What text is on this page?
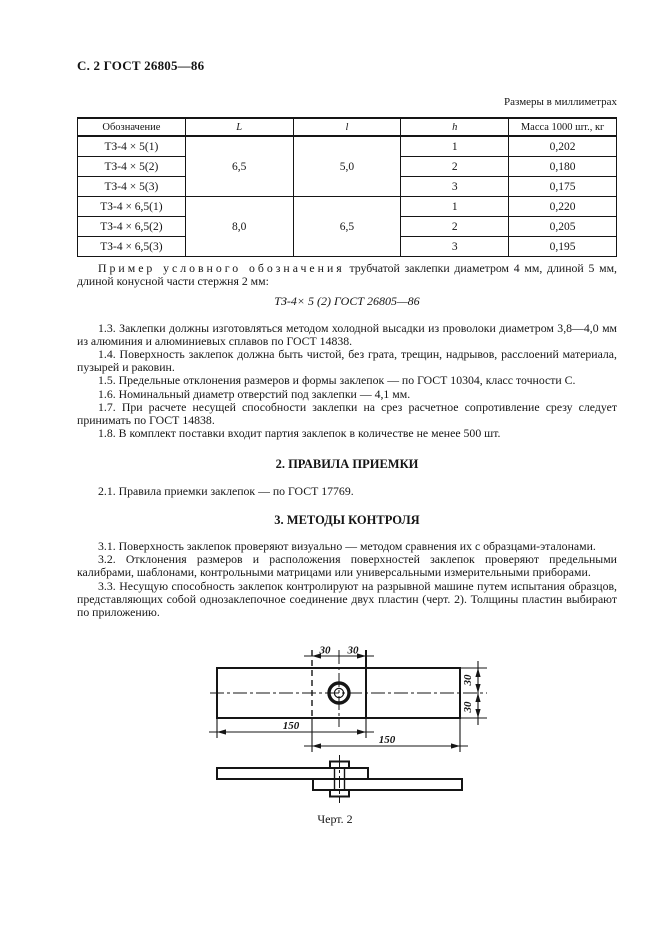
С. 2 ГОСТ 26805—86
Размеры в миллиметрах
Обозначение	L	l	h	Масса 1000 шт., кг
ТЗ-4 × 5(1)	6,5	5,0	1	0,202
ТЗ-4 × 5(2)			2	0,180
ТЗ-4 × 5(3)			3	0,175
ТЗ-4 × 6,5(1)	8,0	6,5	1	0,220
ТЗ-4 × 6,5(2)			2	0,205
ТЗ-4 × 6,5(3)			3	0,195

Пример условного обозначения трубчатой заклепки диаметром 4 мм, длиной 5 мм, длиной конусной части стержня 2 мм:

ТЗ-4× 5 (2) ГОСТ 26805—86

1.3. Заклепки должны изготовляться методом холодной высадки из проволоки диаметром 3,8—4,0 мм из алюминия и алюминиевых сплавов по ГОСТ 14838.

1.4. Поверхность заклепок должна быть чистой, без грата, трещин, надрывов, расслоений материала, пузырей и раковин.

1.5. Предельные отклонения размеров и формы заклепок — по ГОСТ 10304, класс точности С.

1.6. Номинальный диаметр отверстий под заклепки — 4,1 мм.

1.7. При расчете несущей способности заклепки на срез расчетное сопротивление срезу следует принимать по ГОСТ 14838.

1.8. В комплект поставки входит партия заклепок в количестве не менее 500 шт.

2. ПРАВИЛА ПРИЕМКИ

2.1. Правила приемки заклепок — по ГОСТ 17769.

3. МЕТОДЫ КОНТРОЛЯ

3.1. Поверхность заклепок проверяют визуально — методом сравнения их с образцами-эталонами.

3.2. Отклонения размеров и расположения поверхностей заклепок проверяют предельными калибрами, шаблонами, контрольными матрицами или универсальными измерительными приборами.

3.3. Несущую способность заклепок контролируют на разрывной машине путем испытания образцов, представляющих собой однозаклепочное соединение двух пластин (черт. 2). Толщины пластин выбирают по приложению.

30 30
30
30
150
150
Черт. 2
